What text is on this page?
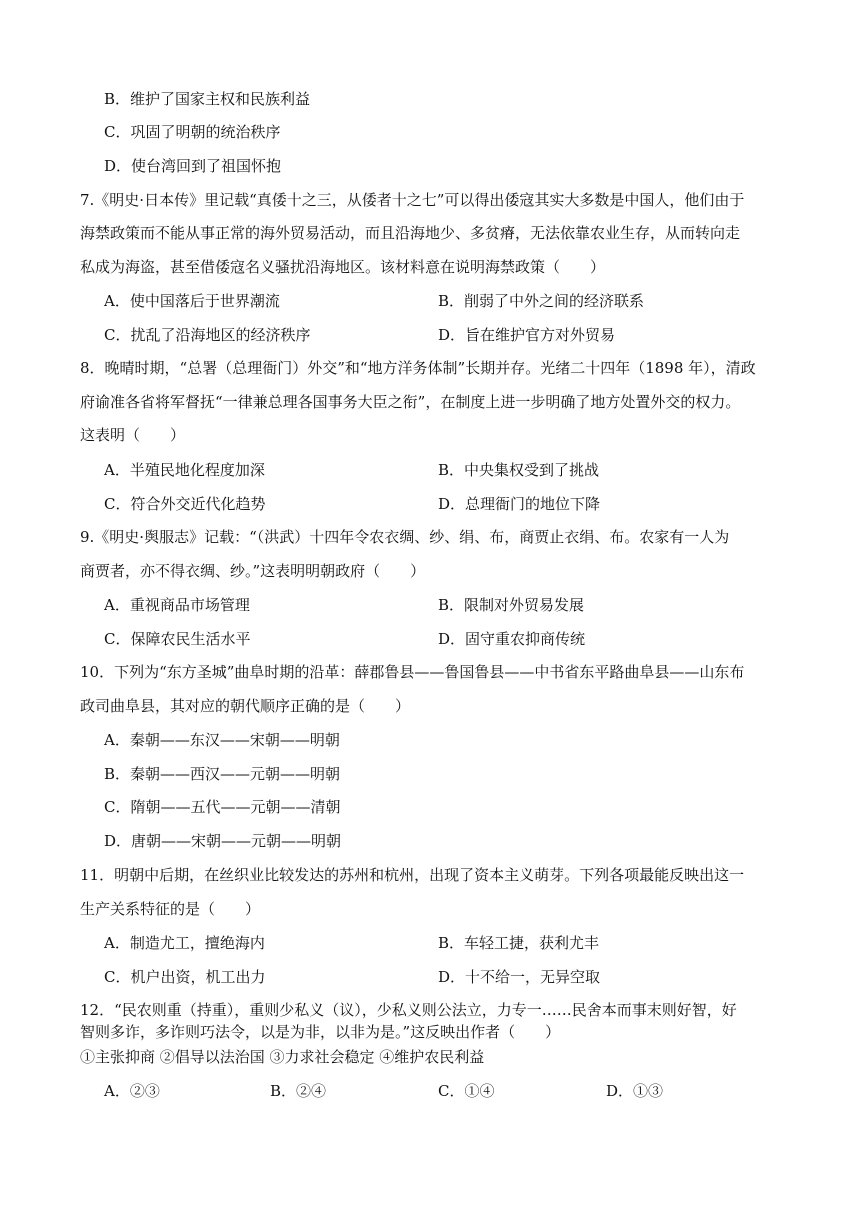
B．维护了国家主权和民族利益
C．巩固了明朝的统治秩序
D．使台湾回到了祖国怀抱
7.《明史·日本传》里记载“真倭十之三，从倭者十之七”可以得出倭寇其实大多数是中国人，他们由于
海禁政策而不能从事正常的海外贸易活动，而且沿海地少、多贫瘠，无法依靠农业生存，从而转向走
私成为海盗，甚至借倭寇名义骚扰沿海地区。该材料意在说明海禁政策（　　）
A．使中国落后于世界潮流	B．削弱了中外之间的经济联系
C．扰乱了沿海地区的经济秩序	D．旨在维护官方对外贸易
8．晚晴时期，“总署（总理衙门）外交”和“地方洋务体制”长期并存。光绪二十四年（1898 年），清政
府谕准各省将军督抚“一律兼总理各国事务大臣之衔”，在制度上进一步明确了地方处置外交的权力。
这表明（　　）
A．半殖民地化程度加深	B．中央集权受到了挑战
C．符合外交近代化趋势	D．总理衙门的地位下降
9.《明史·舆服志》记载：“（洪武）十四年令农衣绸、纱、绢、布，商贾止衣绢、布。农家有一人为
商贾者，亦不得衣绸、纱。”这表明明朝政府（　　）
A．重视商品市场管理	B．限制对外贸易发展
C．保障农民生活水平	D．固守重农抑商传统
10．下列为“东方圣城”曲阜时期的沿革：薛郡鲁县——鲁国鲁县——中书省东平路曲阜县——山东布
政司曲阜县，其对应的朝代顺序正确的是（　　）
A．秦朝——东汉——宋朝——明朝
B．秦朝——西汉——元朝——明朝
C．隋朝——五代——元朝——清朝
D．唐朝——宋朝——元朝——明朝
11．明朝中后期，在丝织业比较发达的苏州和杭州，出现了资本主义萌芽。下列各项最能反映出这一
生产关系特征的是（　　）
A．制造尤工，擅绝海内	B．车轻工捷，获利尤丰
C．机户出资，机工出力	D．十不给一，无异空取
12．“民农则重（持重），重则少私义（议），少私义则公法立，力专一……民舍本而事末则好智，好
智则多诈，多诈则巧法令，以是为非，以非为是。”这反映出作者（　　）
①主张抑商 ②倡导以法治国 ③力求社会稳定 ④维护农民利益
A．②③	B．②④	C．①④	D．①③
